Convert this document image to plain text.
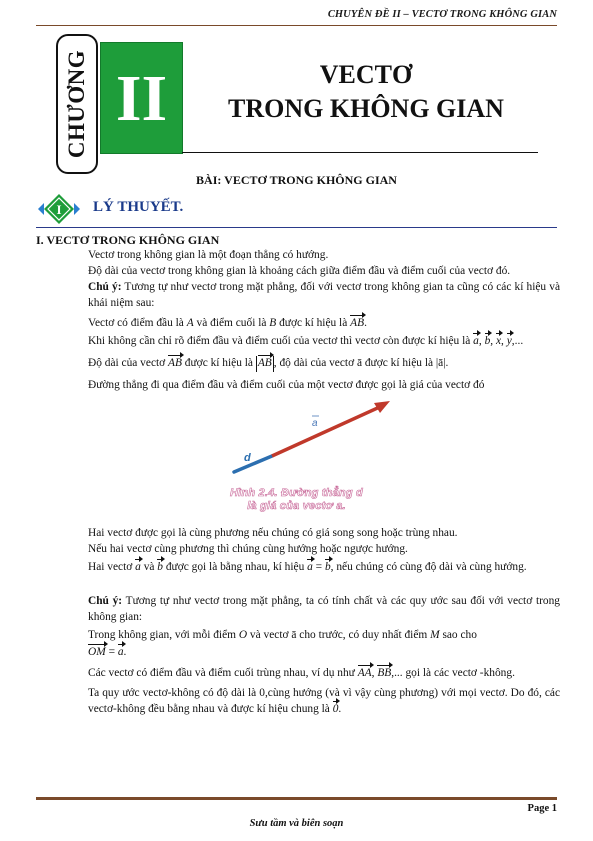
CHUYÊN ĐỀ II – VECTƠ TRONG KHÔNG GIAN
CHƯƠNG II	VECTƠ
TRONG KHÔNG GIAN
BÀI: VECTƠ TRONG KHÔNG GIAN
I LÝ THUYẾT.
I. VECTƠ TRONG KHÔNG GIAN
Vectơ trong không gian là một đoạn thẳng có hướng.
Độ dài của vectơ trong không gian là khoảng cách giữa điểm đầu và điểm cuối của vectơ đó.
Chú ý: Tương tự như vectơ trong mặt phẳng, đối với vectơ trong không gian ta cũng có các kí hiệu và khái niệm sau:
Vectơ có điểm đầu là A và điểm cuối là B được kí hiệu là AB.
Khi không cần chỉ rõ điểm đầu và điểm cuối của vectơ thì vectơ còn được kí hiệu là a, b, x, y,...
Độ dài của vectơ AB được kí hiệu là AB , độ dài của vectơ ā được kí hiệu là |ā|.
Đường thẳng đi qua điểm đầu và điểm cuối của một vectơ được gọi là giá của vectơ đó
a
d
Hình 2.4. Đường thẳng d
là giá của vectơ a.
Hai vectơ được gọi là cùng phương nếu chúng có giá song song hoặc trùng nhau.
Nếu hai vectơ cùng phương thì chúng cùng hướng hoặc ngược hướng.
Hai vectơ a và b được gọi là bằng nhau, kí hiệu a = b, nếu chúng có cùng độ dài và cùng hướng.
Chú ý: Tương tự như vectơ trong mặt phẳng, ta có tính chất và các quy ước sau đối với vectơ trong không gian:
Trong không gian, với mỗi điểm O và vectơ ā cho trước, có duy nhất điểm M sao cho
OM = a.
Các vectơ có điểm đầu và điểm cuối trùng nhau, ví dụ như AA, BB,... gọi là các vectơ -không.
Ta quy ước vectơ-không có độ dài là 0,cùng hướng (và vì vậy cùng phương) với mọi vectơ. Do đó, các vectơ-không đều bằng nhau và được kí hiệu chung là 0.
Page 1
Sưu tầm và biên soạn
